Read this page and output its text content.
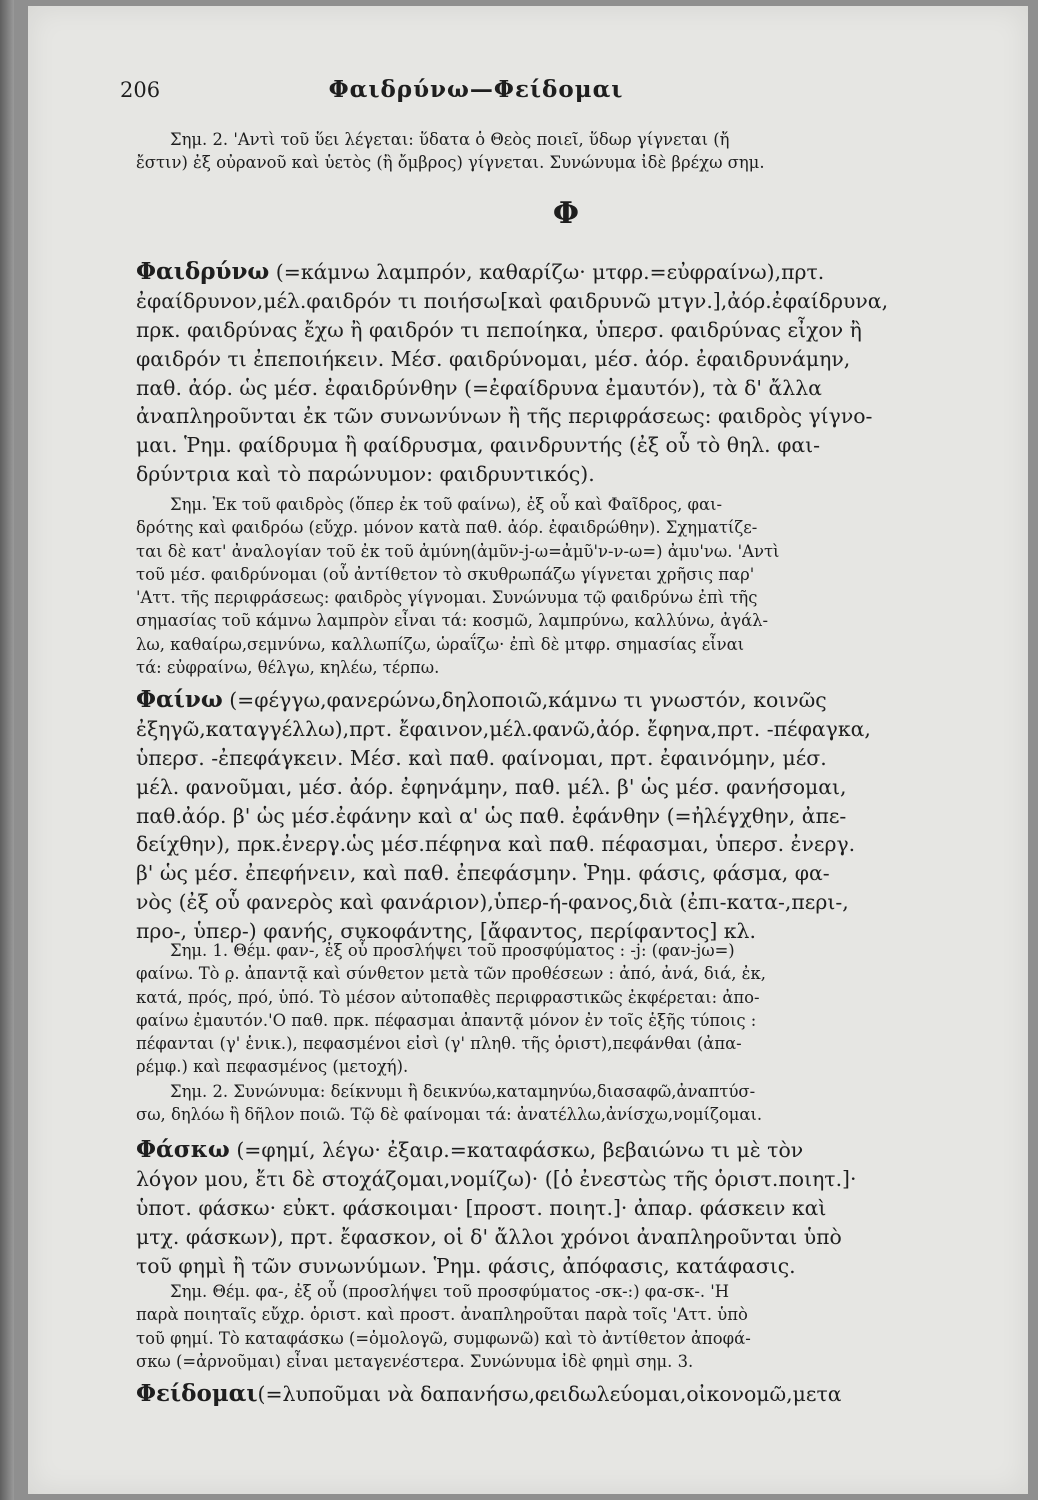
206	Φαιδρύνω—Φείδομαι
Σημ. 2. 'Αντὶ τοῦ ὕει λέγεται: ὕδατα ὁ Θεὸς ποιεῖ, ὕδωρ γίγνεται (ἤ
ἔστιν) ἐξ οὐρανοῦ καὶ ὑετὸς (ἢ ὄμβρος) γίγνεται. Συνώνυμα ἰδὲ βρέχω σημ.
Φ
Φαιδρύνω (=κάμνω λαμπρόν, καθαρίζω· μτφρ.=εὐφραίνω),πρτ.
ἐφαίδρυνον,μέλ.φαιδρόν τι ποιήσω[καὶ φαιδρυνῶ μτγν.],ἀόρ.ἐφαίδρυνα,
πρκ. φαιδρύνας ἔχω ἢ φαιδρόν τι πεποίηκα, ὑπερσ. φαιδρύνας εἶχον ἢ
φαιδρόν τι ἐπεποιήκειν. Μέσ. φαιδρύνομαι, μέσ. ἀόρ. ἐφαιδρυνάμην,
παθ. ἀόρ. ὡς μέσ. ἐφαιδρύνθην (=ἐφαίδρυνα ἐμαυτόν), τὰ δ' ἄλλα
ἀναπληροῦνται ἐκ τῶν συνωνύνων ἢ τῆς περιφράσεως: φαιδρὸς γίγνο-
μαι. Ῥημ. φαίδρυμα ἢ φαίδρυσμα, φαινδρυντής (ἐξ οὗ τὸ θηλ. φαι-
δρύντρια καὶ τὸ παρώνυμον: φαιδρυντικός).
Σημ. Ἐκ τοῦ φαιδρὸς (ὅπερ ἐκ τοῦ φαίνω), ἐξ οὗ καὶ Φαῖδρος, φαι-
δρότης καὶ φαιδρόω (εὔχρ. μόνον κατὰ παθ. ἀόρ. ἐφαιδρώθην). Σχηματίζε-
ται δὲ κατ' ἀναλογίαν τοῦ ἐκ τοῦ ἀμύνη(ἀμῦν-j-ω=ἀμῦ'ν-ν-ω=) ἀμυ'νω. 'Αντὶ
τοῦ μέσ. φαιδρύνομαι (οὗ ἀντίθετον τὸ σκυθρωπάζω γίγνεται χρῆσις παρ'
'Αττ. τῆς περιφράσεως: φαιδρὸς γίγνομαι. Συνώνυμα τῷ φαιδρύνω ἐπὶ τῆς
σημασίας τοῦ κάμνω λαμπρὸν εἶναι τά: κοσμῶ, λαμπρύνω, καλλύνω, ἀγάλ-
λω, καθαίρω,σεμνύνω, καλλωπίζω, ὡραΐζω· ἐπὶ δὲ μτφρ. σημασίας εἶναι
τά: εὐφραίνω, θέλγω, κηλέω, τέρπω.
Φαίνω (=φέγγω,φανερώνω,δηλοποιῶ,κάμνω τι γνωστόν, κοινῶς
ἐξηγῶ,καταγγέλλω),πρτ. ἔφαινον,μέλ.φανῶ,ἀόρ. ἔφηνα,πρτ. -πέφαγκα,
ὑπερσ. -ἐπεφάγκειν. Μέσ. καὶ παθ. φαίνομαι, πρτ. ἐφαινόμην, μέσ.
μέλ. φανοῦμαι, μέσ. ἀόρ. ἐφηνάμην, παθ. μέλ. β' ὡς μέσ. φανήσομαι,
παθ.ἀόρ. β' ὡς μέσ.ἐφάνην καὶ α' ὡς παθ. ἐφάνθην (=ἠλέγχθην, ἀπε-
δείχθην), πρκ.ἐνεργ.ὡς μέσ.πέφηνα καὶ παθ. πέφασμαι, ὑπερσ. ἐνεργ.
β' ὡς μέσ. ἐπεφήνειν, καὶ παθ. ἐπεφάσμην. Ῥημ. φάσις, φάσμα, φα-
νὸς (ἐξ οὗ φανερὸς καὶ φανάριον),ὑπερ-ή-φανος,διὰ (ἐπι-κατα-,περι-,
προ-, ὑπερ-) φανής, συκοφάντης, [ἄφαντος, περίφαντος] κλ.
Σημ. 1. Θέμ. φαν-, ἐξ οὗ προσλήψει τοῦ προσφύματος : -j: (φαν-jω=)
φαίνω. Τὸ ρ̣. ἀπαντᾷ καὶ σύνθετον μετὰ τῶν προθέσεων : ἀπό, ἀνά, διά, ἐκ,
κατά, πρός, πρό, ὑπό. Τὸ μέσον αὐτοπαθὲς περιφραστικῶς ἐκφέρεται: ἀπο-
φαίνω ἐμαυτόν.'Ο παθ. πρκ. πέφασμαι ἀπαντᾷ μόνον ἐν τοῖς ἑξῆς τύποις :
πέφανται (γ' ἑνικ.), πεφασμένοι εἰσὶ (γ' πληθ. τῆς ὁριστ),πεφάνθαι (ἀπα-
ρέμφ.) καὶ πεφασμένος (μετοχή).
Σημ. 2. Συνώνυμα: δείκνυμι ἢ δεικνύω,καταμηνύω,διασαφῶ,ἀναπτύσ-
σω, δηλόω ἢ δῆλον ποιῶ. Τῷ δὲ φαίνομαι τά: ἀνατέλλω,ἀνίσχω,νομίζομαι.
Φάσκω (=φημί, λέγω· ἐξαιρ.=καταφάσκω, βεβαιώνω τι μὲ τὸν
λόγον μου, ἔτι δὲ στοχάζομαι,νομίζω)· ([ὁ ἐνεστὼς τῆς ὁριστ.ποιητ.]·
ὑποτ. φάσκω· εὐκτ. φάσκοιμαι· [προστ. ποιητ.]· ἀπαρ. φάσκειν καὶ
μτχ. φάσκων), πρτ. ἔφασκον, οἱ δ' ἄλλοι χρόνοι ἀναπληροῦνται ὑπὸ
τοῦ φημὶ ἢ τῶν συνωνύμων. Ῥημ. φάσις, ἀπόφασις, κατάφασις.
Σημ. Θέμ. φα-, ἐξ οὗ (προσλήψει τοῦ προσφύματος -σκ-:) φα-σκ-. 'Η
παρὰ ποιηταῖς εὔχρ. ὁριστ. καὶ προστ. ἀναπληροῦται παρὰ τοῖς 'Αττ. ὑπὸ
τοῦ φημί. Τὸ καταφάσκω (=ὁμολογῶ, συμφωνῶ) καὶ τὸ ἀντίθετον ἀποφά-
σκω (=ἀρνοῦμαι) εἶναι μεταγενέστερα. Συνώνυμα ἰδὲ φημὶ σημ. 3.
Φείδομαι(=λυποῦμαι νὰ δαπανήσω,φειδωλεύομαι,οἰκονομῶ,μετα
